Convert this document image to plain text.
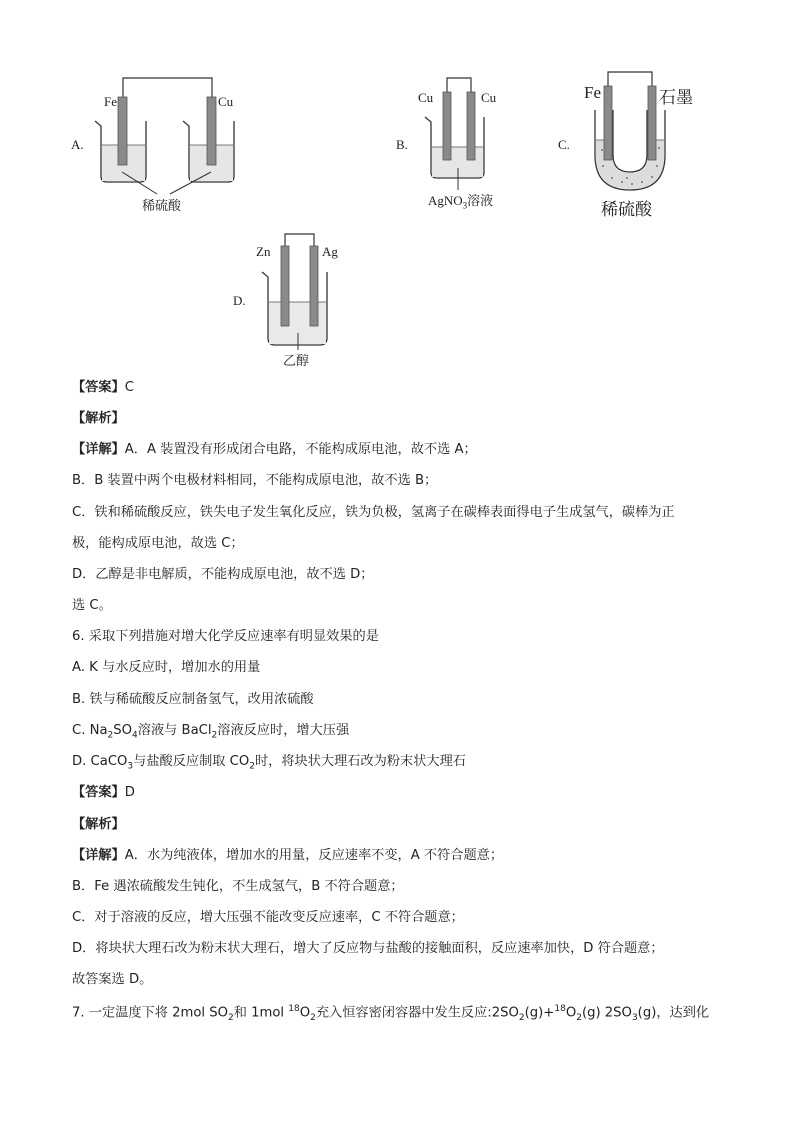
A.
Fe	Cu
稀硫酸
B.
Cu	Cu
AgNO$_3$溶液
C.
Fe	石墨
稀硫酸
D.
Zn	Ag
乙醇
【答案】C
【解析】
【详解】A．A 装置没有形成闭合电路，不能构成原电池，故不选 A；
B．B 装置中两个电极材料相同，不能构成原电池，故不选 B；
C．铁和稀硫酸反应，铁失电子发生氧化反应，铁为负极，氢离子在碳棒表面得电子生成氢气，碳棒为正
极，能构成原电池，故选 C；
D．乙醇是非电解质，不能构成原电池，故不选 D；
选 C。
6. 采取下列措施对增大化学反应速率有明显效果的是
A. K 与水反应时，增加水的用量
B. 铁与稀硫酸反应制备氢气，改用浓硫酸
C. $Na_2SO_4$溶液与 BaCl$_2$溶液反应时，增大压强
D. CaCO$_3$与盐酸反应制取 $CO_2$时，将块状大理石改为粉末状大理石
【答案】D
【解析】
【详解】A．水为纯液体，增加水的用量，反应速率不变，A 不符合题意；
B．Fe 遇浓硫酸发生钝化，不生成氢气，B 不符合题意；
C．对于溶液的反应，增大压强不能改变反应速率，C 不符合题意；
D．将块状大理石改为粉末状大理石，增大了反应物与盐酸的接触面积，反应速率加快，D 符合题意；
故答案选 D。
7. 一定温度下将 2mol $SO_2$和 1mol $^{18}O_2$充入恒容密闭容器中发生反应$:2SO_2(g)+^{18}O_2(g)$ $2SO_3(g)$，达到化
